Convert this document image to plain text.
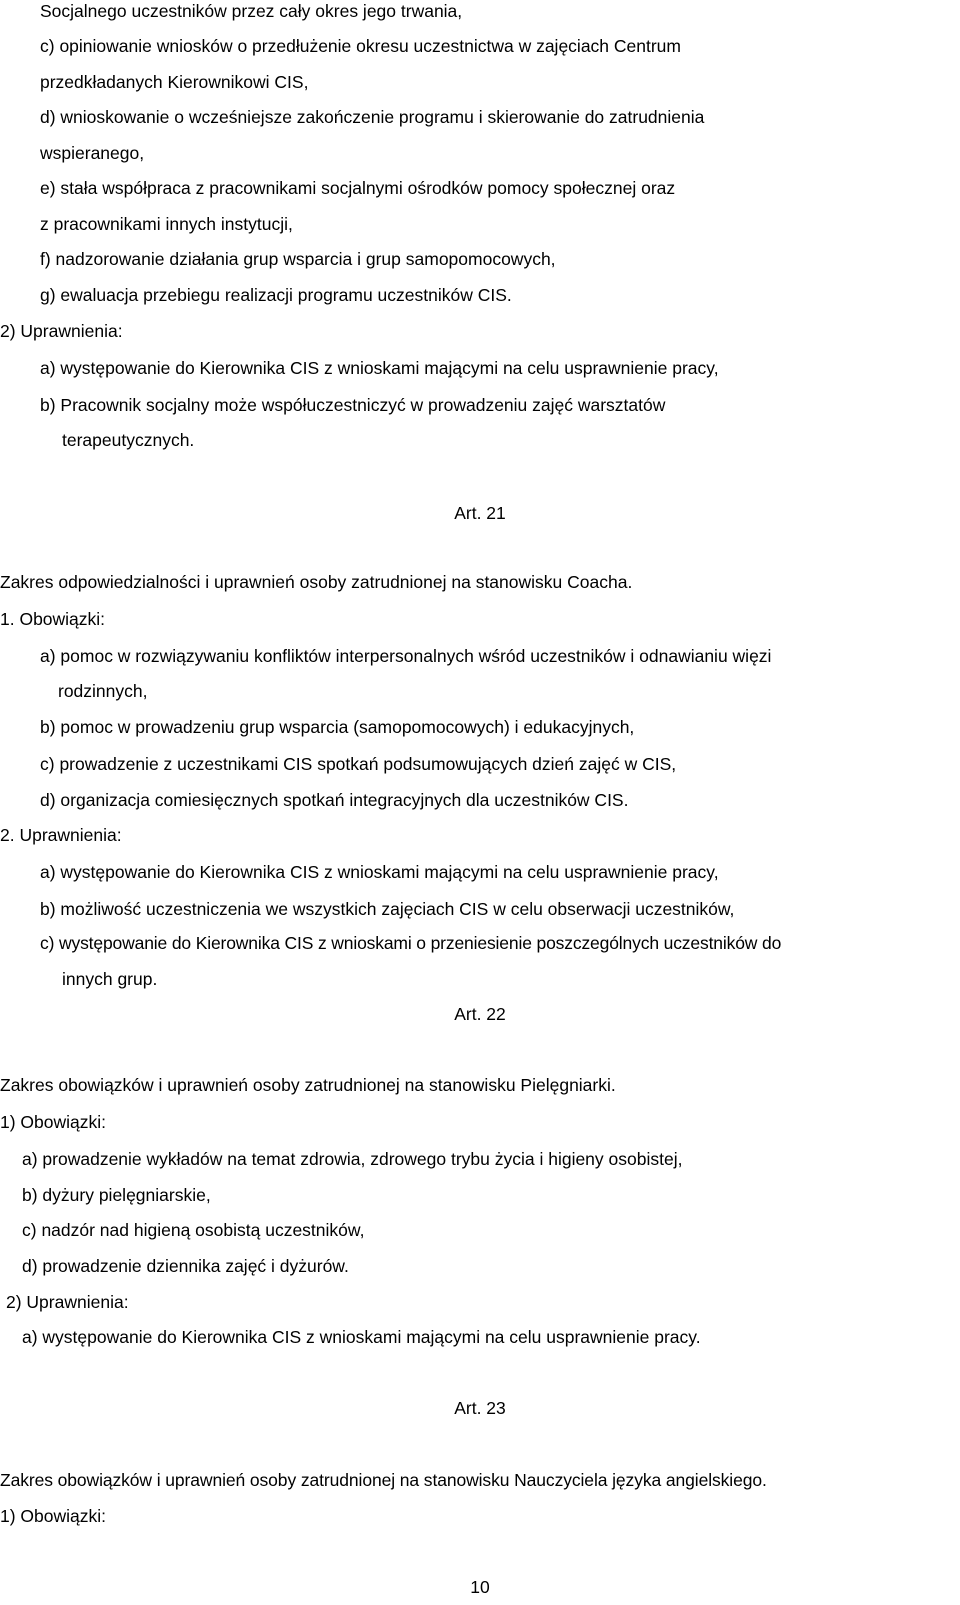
Socjalnego uczestników przez cały okres jego trwania,
c) opiniowanie wniosków o przedłużenie okresu uczestnictwa w zajęciach Centrum
przedkładanych Kierownikowi CIS,
d) wnioskowanie o wcześniejsze zakończenie programu i skierowanie do zatrudnienia
wspieranego,
e) stała współpraca z pracownikami socjalnymi ośrodków pomocy społecznej oraz
z pracownikami innych instytucji,
f) nadzorowanie działania grup wsparcia i grup samopomocowych,
g) ewaluacja przebiegu realizacji programu uczestników CIS.
2) Uprawnienia:
a) występowanie do Kierownika CIS z wnioskami mającymi na celu usprawnienie pracy,
b) Pracownik socjalny może współuczestniczyć w prowadzeniu zajęć warsztatów
terapeutycznych.
Art. 21
Zakres odpowiedzialności i uprawnień osoby zatrudnionej na stanowisku Coacha.
1. Obowiązki:
a) pomoc w rozwiązywaniu konfliktów interpersonalnych wśród uczestników i odnawianiu więzi
rodzinnych,
b) pomoc w prowadzeniu grup wsparcia (samopomocowych) i edukacyjnych,
c) prowadzenie z uczestnikami CIS spotkań podsumowujących dzień zajęć w CIS,
d) organizacja comiesięcznych spotkań integracyjnych dla uczestników CIS.
2. Uprawnienia:
a) występowanie do Kierownika CIS z wnioskami mającymi na celu usprawnienie pracy,
b) możliwość uczestniczenia we wszystkich zajęciach CIS w celu obserwacji uczestników,
c) występowanie do Kierownika CIS z wnioskami o przeniesienie poszczególnych uczestników do
innych grup.
Art. 22
Zakres obowiązków i uprawnień osoby zatrudnionej na stanowisku Pielęgniarki.
1) Obowiązki:
a) prowadzenie wykładów na temat zdrowia, zdrowego trybu życia i higieny osobistej,
b) dyżury pielęgniarskie,
c) nadzór nad higieną osobistą uczestników,
d) prowadzenie dziennika zajęć i dyżurów.
2) Uprawnienia:
a) występowanie do Kierownika CIS z wnioskami mającymi na celu usprawnienie pracy.
Art. 23
Zakres obowiązków i uprawnień osoby zatrudnionej na stanowisku Nauczyciela języka angielskiego.
1) Obowiązki:
10
